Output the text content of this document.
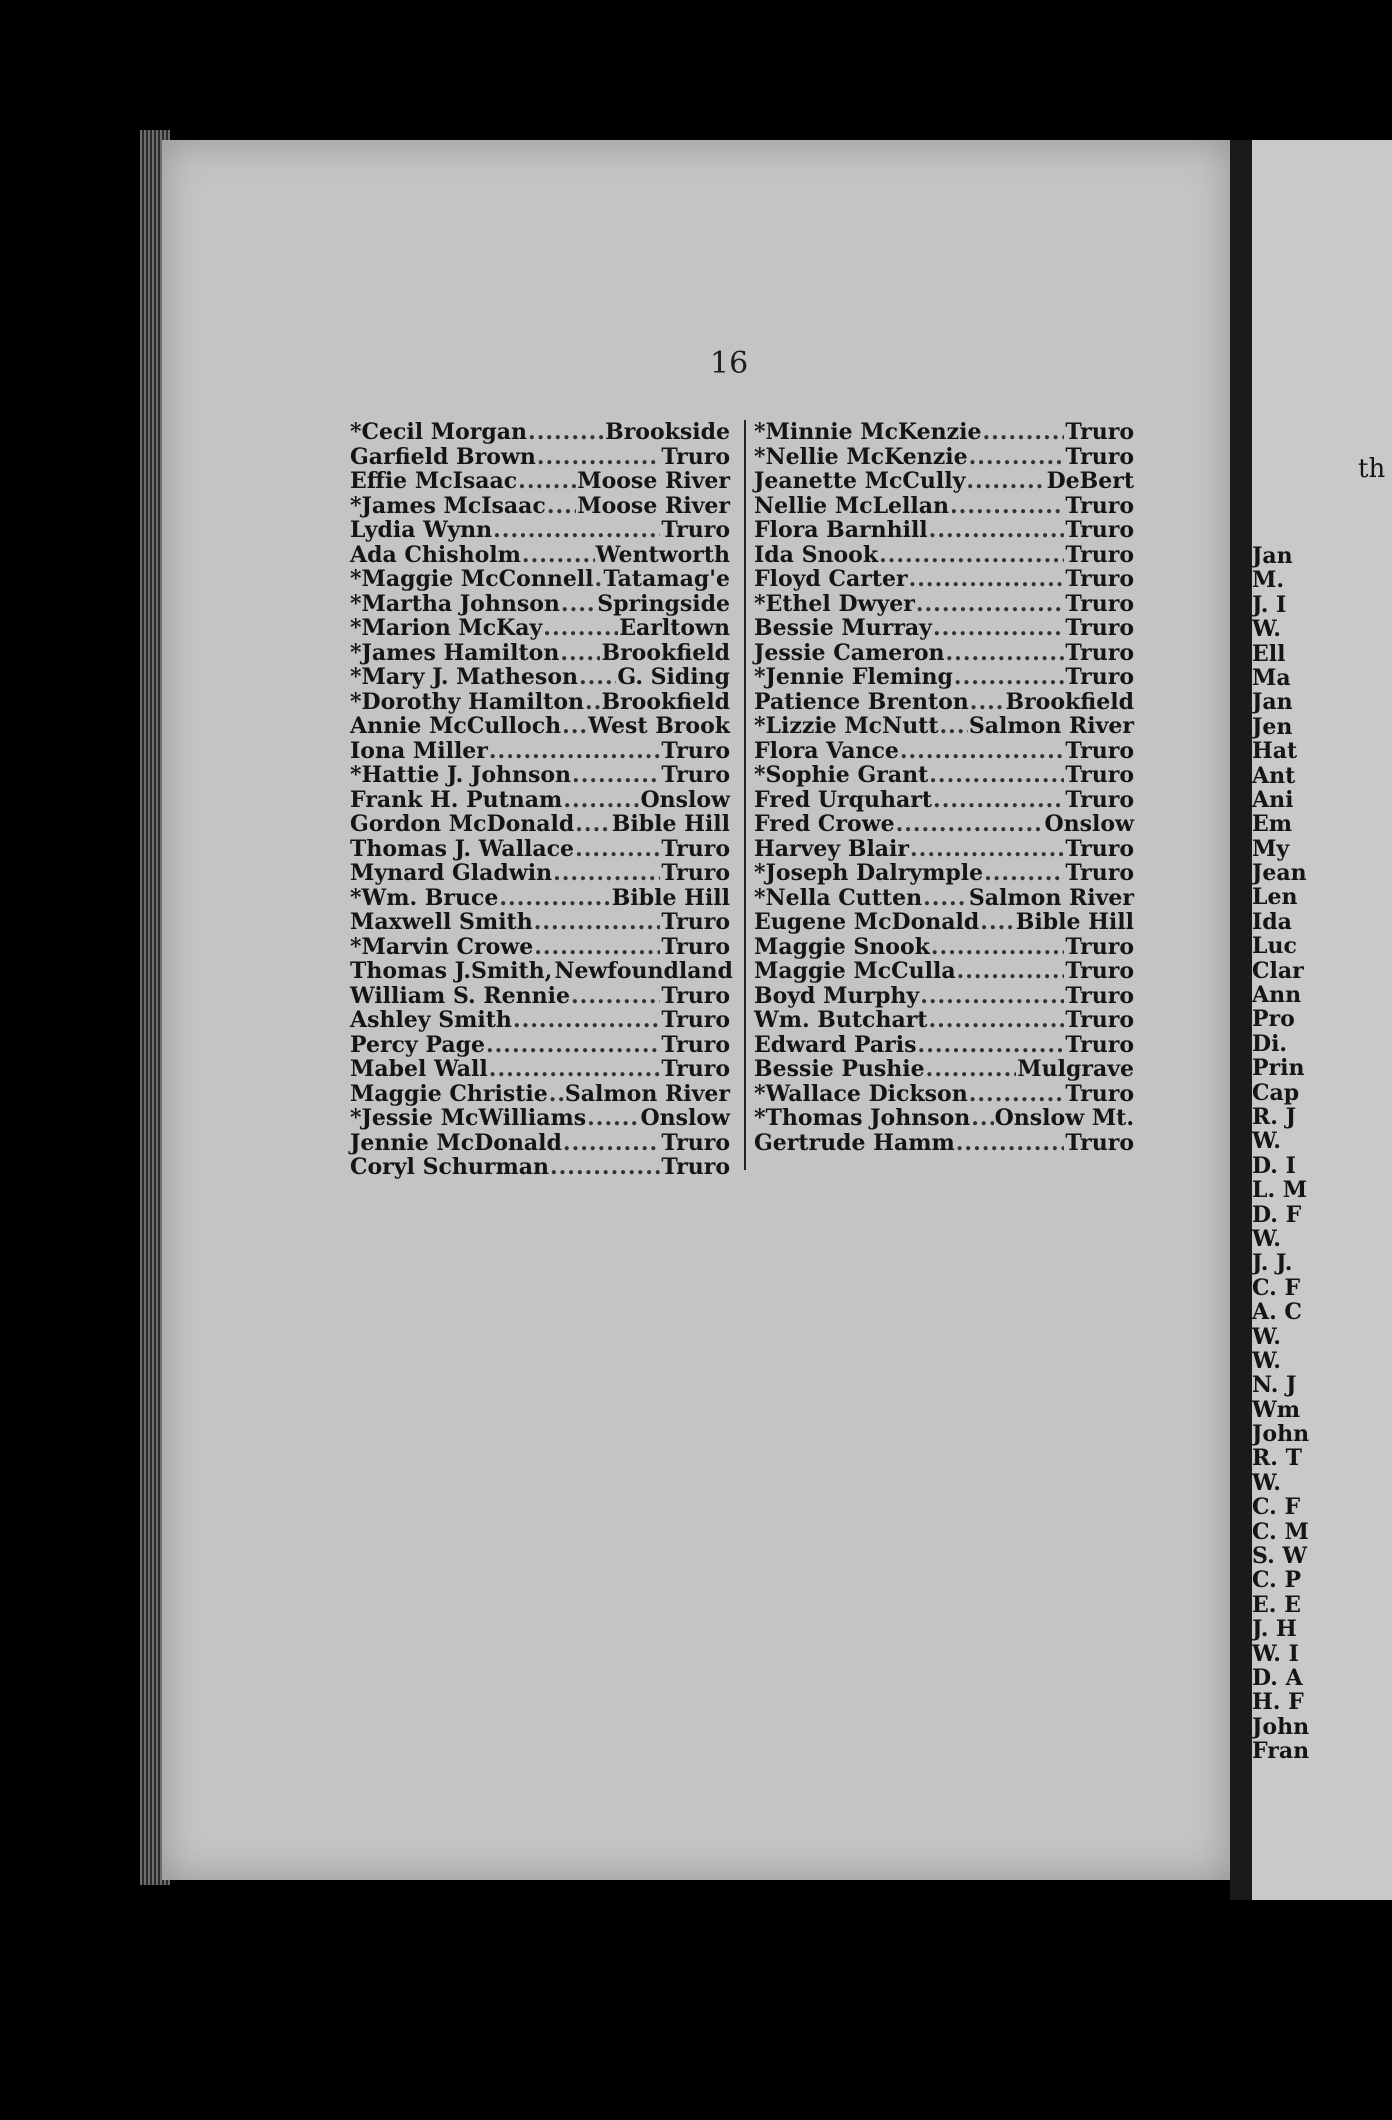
th
Jan
M.
J. I
W.
Ell
Ma
Jan
Jen
Hat
Ant
Ani
Em
My
Jean
Len
Ida
Luc
Clar
Ann
Pro
Di.
Prin
Cap
R. J
W.
D. I
L. M
D. F
W.
J. J.
C. F
A. C
W.
W.
N. J
Wm
John
R. T
W.
C. F
C. M
S. W
C. P
E. E
J. H
W. I
D. A
H. F
John
Fran
16
*Cecil Morgan .....	Brookside
Garfield Brown .....	Truro
Effie McIsaac .....	Moose River
*James McIsaac ..... Moose River
Lydia Wynn .....	Truro
Ada Chisholm .....	Wentworth
*Maggie McConnell ..... Tatamag'e
*Martha Johnson ..... Springside
*Marion McKay .....	Earltown
*James Hamilton ..... Brookfield
*Mary J. Matheson ..... G. Siding
*Dorothy Hamilton ..... Brookfield
Annie McCulloch ..... West Brook
Iona Miller .....	Truro
*Hattie J. Johnson .....	Truro
Frank H. Putnam .....	Onslow
Gordon McDonald ..... Bible Hill
Thomas J. Wallace .....	Truro
Mynard Gladwin .....	Truro
*Wm. Bruce .....	Bible Hill
Maxwell Smith .....	Truro
*Marvin Crowe .....	Truro
Thomas J.Smith, Newfoundland
William S. Rennie .....	Truro
Ashley Smith .....	Truro
Percy Page .....	Truro
Mabel Wall .....	Truro
Maggie Christie ..... Salmon River
*Jessie McWilliams ..... Onslow
Jennie McDonald .....	Truro
Coryl Schurman .....	Truro
*Minnie McKenzie .....	Truro
*Nellie McKenzie .....	Truro
Jeanette McCully .....	DeBert
Nellie McLellan .....	Truro
Flora Barnhill .....	Truro
Ida Snook .....	Truro
Floyd Carter .....	Truro
*Ethel Dwyer .....	Truro
Bessie Murray .....	Truro
Jessie Cameron .....	Truro
*Jennie Fleming .....	Truro
Patience Brenton ..... Brookfield
*Lizzie McNutt ..... Salmon River
Flora Vance .....	Truro
*Sophie Grant .....	Truro
Fred Urquhart .....	Truro
Fred Crowe .....	Onslow
Harvey Blair .....	Truro
*Joseph Dalrymple .....	Truro
*Nella Cutten ..... Salmon River
Eugene McDonald ..... Bible Hill
Maggie Snook .....	Truro
Maggie McCulla .....	Truro
Boyd Murphy .....	Truro
Wm. Butchart .....	Truro
Edward Paris .....	Truro
Bessie Pushie .....	Mulgrave
*Wallace Dickson .....	Truro
*Thomas Johnson ..... Onslow Mt.
Gertrude Hamm .....	Truro
